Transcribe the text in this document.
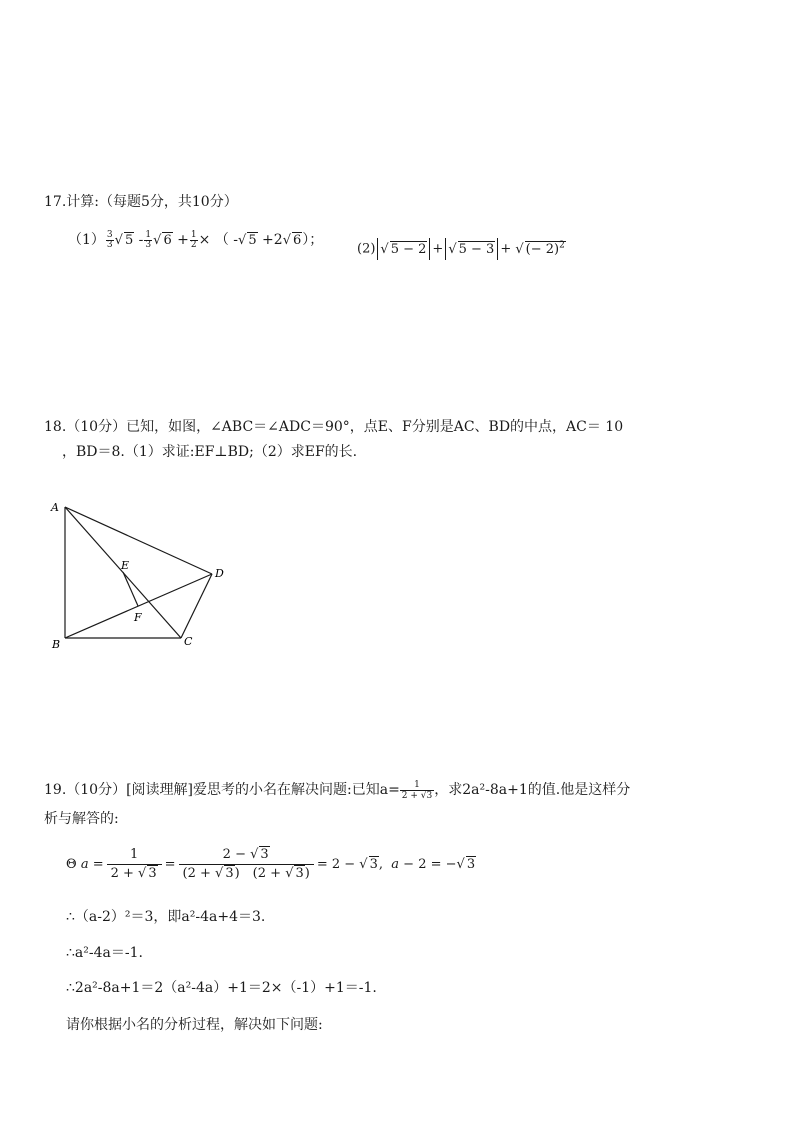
17.计算:（每题5分，共10分）
$(1) \frac{3}{3}$ √ $5 - \frac{1}{3}$ √ $6 + \frac{1}{2}$ × （ -√ 5 +2√ 6）；
(2) √ 5 − 2 + √ 5 − 3 + √ (− 2)$^2$
18.（10分）已知，如图，∠ABC＝∠ADC＝90°，点E、F分别是AC、BD的中点，AC＝ 10
，BD＝8.（1）求证:EF⊥BD;（2）求EF的长.
A
B	C
D
E
F
19.（10分）[阅读理解]爱思考的小名在解决问题:已知$a= \frac{1}{2 + √3}$ ，求2a²-8a+1的值.他是这样分
析与解答的:
Θ $a = \frac{1}{2 + √ 3} = \frac{2 - √ 3}{(2 + √ 3) (2 + √ 3)} = 2$ − √ 3,  a − 2 = −√ 3
∴（a-2）²＝3，即a²-4a+4＝3.
∴a²-4a＝-1.
∴2a²-8a+1＝2（a²-4a）+1＝2×（-1）+1＝-1.
请你根据小名的分析过程，解决如下问题:
